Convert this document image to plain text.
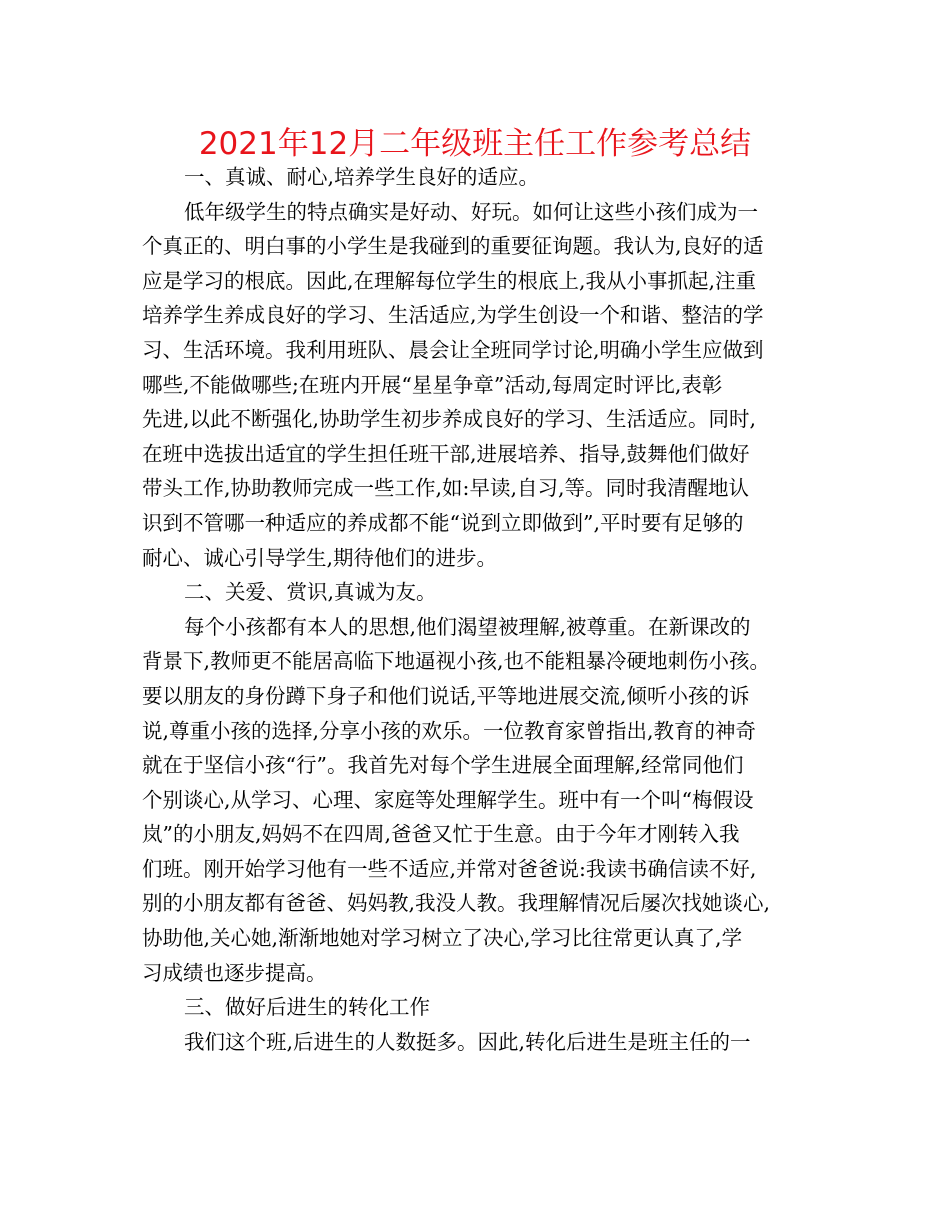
2021年12月二年级班主任工作参考总结
一、真诚、耐心,培养学生良好的适应。
低年级学生的特点确实是好动、好玩。如何让这些小孩们成为一
个真正的、明白事的小学生是我碰到的重要征询题。我认为,良好的适
应是学习的根底。因此,在理解每位学生的根底上,我从小事抓起,注重
培养学生养成良好的学习、生活适应,为学生创设一个和谐、整洁的学
习、生活环境。我利用班队、晨会让全班同学讨论,明确小学生应做到
哪些,不能做哪些;在班内开展“星星争章”活动,每周定时评比,表彰
先进,以此不断强化,协助学生初步养成良好的学习、生活适应。同时,
在班中选拔出适宜的学生担任班干部,进展培养、指导,鼓舞他们做好
带头工作,协助教师完成一些工作,如:早读,自习,等。同时我清醒地认
识到不管哪一种适应的养成都不能“说到立即做到”,平时要有足够的
耐心、诚心引导学生,期待他们的进步。
二、关爱、赏识,真诚为友。
每个小孩都有本人的思想,他们渴望被理解,被尊重。在新课改的
背景下,教师更不能居高临下地逼视小孩,也不能粗暴冷硬地刺伤小孩。
要以朋友的身份蹲下身子和他们说话,平等地进展交流,倾听小孩的诉
说,尊重小孩的选择,分享小孩的欢乐。一位教育家曾指出,教育的神奇
就在于坚信小孩“行”。我首先对每个学生进展全面理解,经常同他们
个别谈心,从学习、心理、家庭等处理解学生。班中有一个叫“梅假设
岚”的小朋友,妈妈不在四周,爸爸又忙于生意。由于今年才刚转入我
们班。刚开始学习他有一些不适应,并常对爸爸说:我读书确信读不好,
别的小朋友都有爸爸、妈妈教,我没人教。我理解情况后屡次找她谈心,
协助他,关心她,渐渐地她对学习树立了决心,学习比往常更认真了,学
习成绩也逐步提高。
三、做好后进生的转化工作
我们这个班,后进生的人数挺多。因此,转化后进生是班主任的一
